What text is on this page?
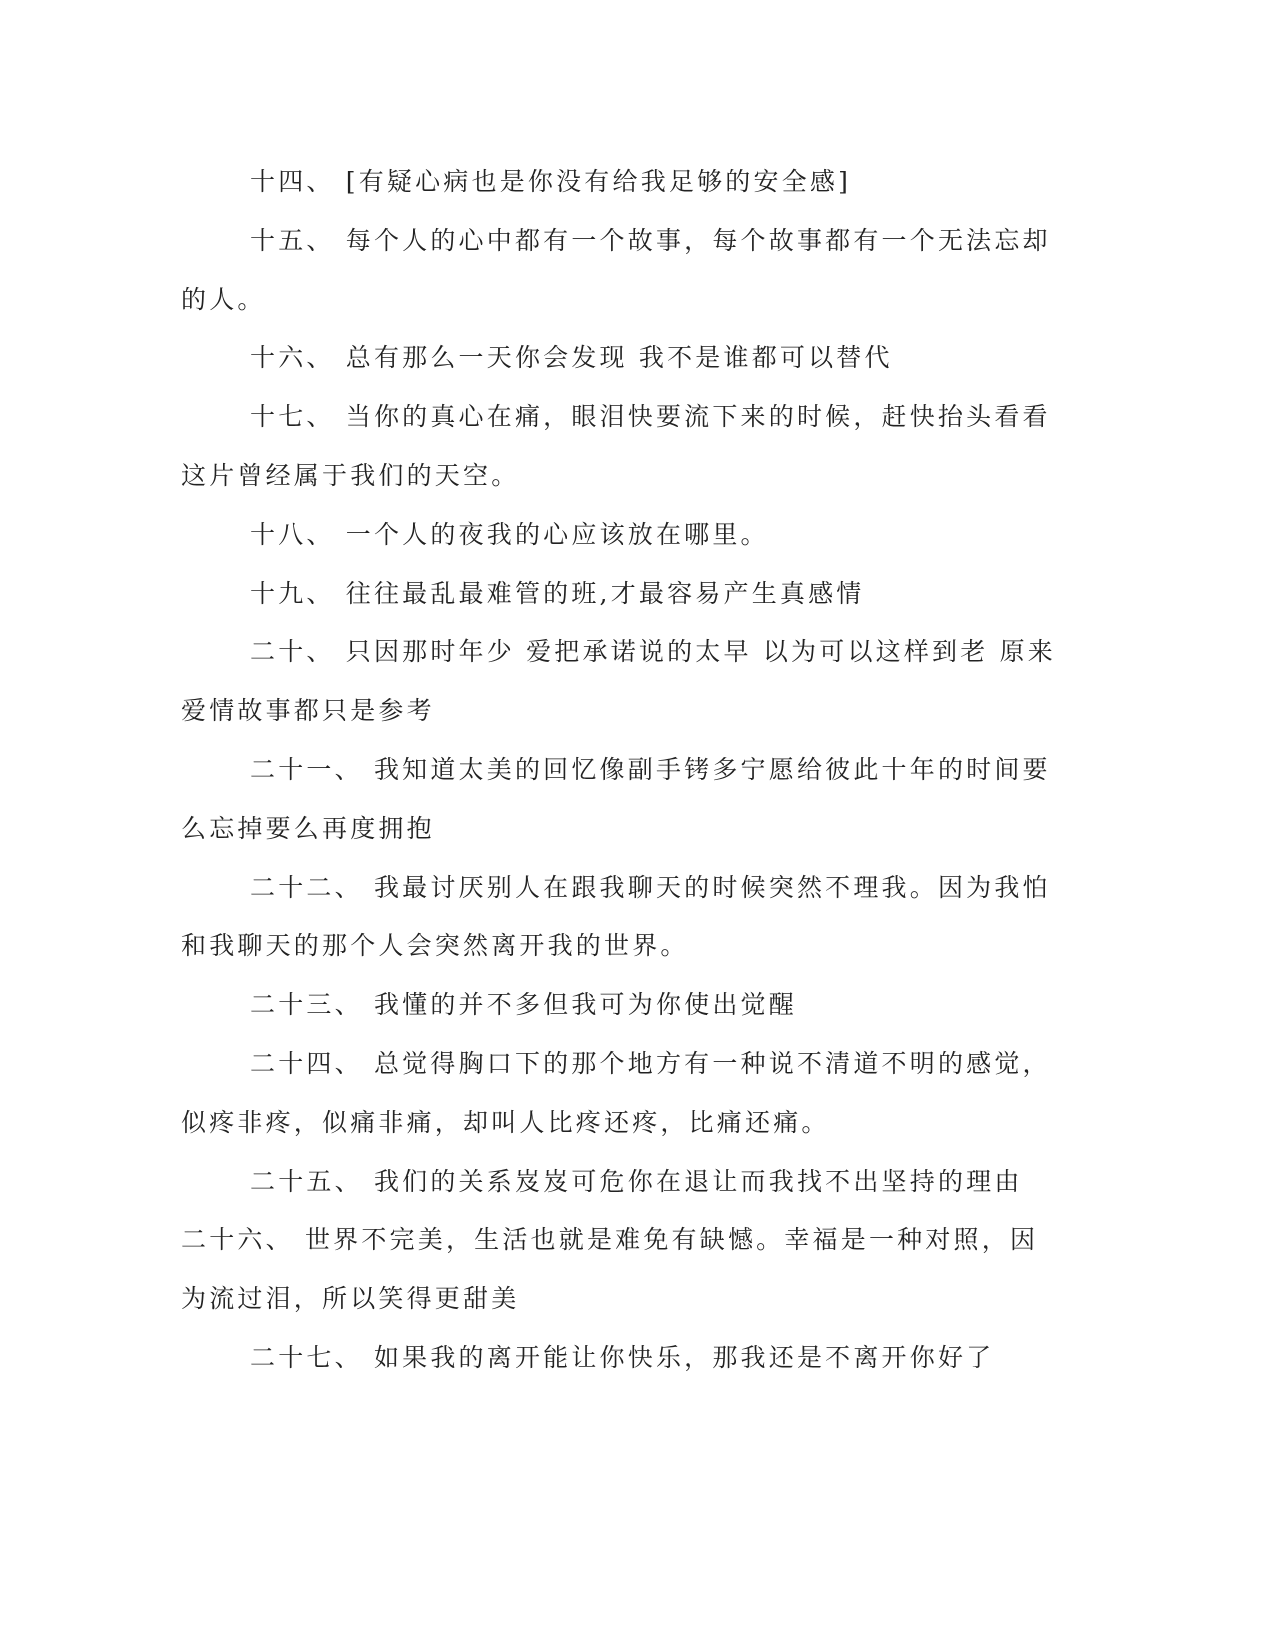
十四、 [有疑心病也是你没有给我足够的安全感]

十五、 每个人的心中都有一个故事，每个故事都有一个无法忘却

的人。

十六、 总有那么一天你会发现 我不是谁都可以替代

十七、 当你的真心在痛，眼泪快要流下来的时候，赶快抬头看看

这片曾经属于我们的天空。

十八、 一个人的夜我的心应该放在哪里。

十九、 往往最乱最难管的班,才最容易产生真感情

二十、 只因那时年少 爱把承诺说的太早 以为可以这样到老 原来

爱情故事都只是参考

二十一、 我知道太美的回忆像副手铐多宁愿给彼此十年的时间要

么忘掉要么再度拥抱

二十二、 我最讨厌别人在跟我聊天的时候突然不理我。因为我怕

和我聊天的那个人会突然离开我的世界。

二十三、 我懂的并不多但我可为你使出觉醒

二十四、 总觉得胸口下的那个地方有一种说不清道不明的感觉，

似疼非疼，似痛非痛，却叫人比疼还疼，比痛还痛。

二十五、 我们的关系岌岌可危你在退让而我找不出坚持的理由

二十六、 世界不完美，生活也就是难免有缺憾。幸福是一种对照，因

为流过泪，所以笑得更甜美

二十七、 如果我的离开能让你快乐，那我还是不离开你好了
